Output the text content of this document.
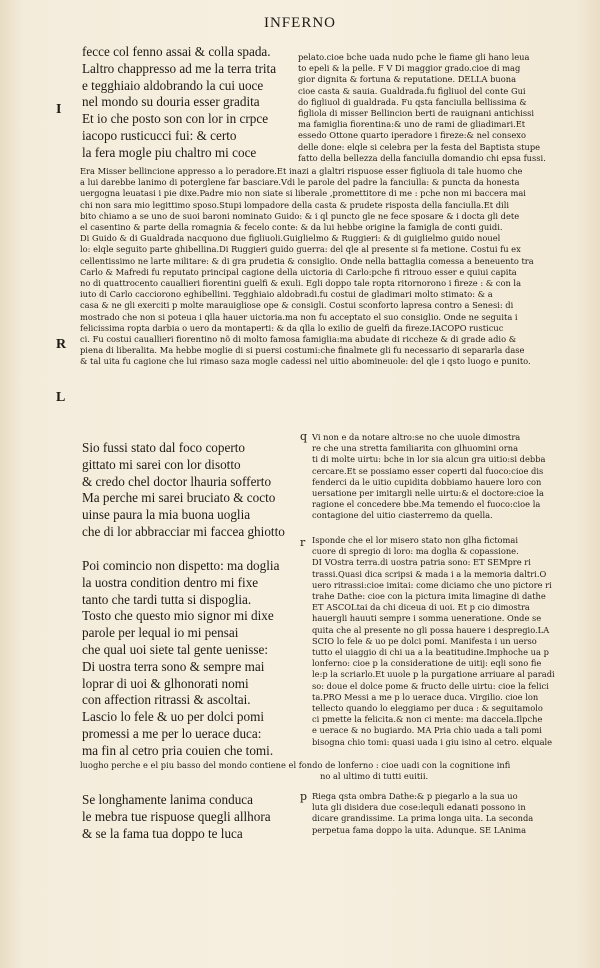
INFERNO
I
R
L
fecce col fenno assai & colla spada.
Laltro chappresso ad me la terra trita
e tegghiaio aldobrando la cui uoce
nel mondo su douria esser gradita
Et io che posto son con lor in crpce
iacopo rusticucci fui: & certo
la fera mogle piu chaltro mi coce
pelato.cioe bche uada nudo pche le fiame gli hano leua
to epeli & la pelle. F V Di maggior grado.cioe di mag
gior dignita & fortuna & reputatione. DELLA buona
cioe casta & sauia. Gualdrada.fu figliuol del conte Gui
do figliuol di gualdrada. Fu qsta fanciulla bellissima &
figliola di misser Bellincion berti de rauignani antichissi
ma famiglia fiorentina:& uno de rami de gliadimari.Et
essedo Ottone quarto iperadore i fireze:& nel consexo
delle done: elqle si celebra per la festa del Baptista stupe
fatto della bellezza della fanciulla domandio chi epsa fussi.
Era Misser bellincione appresso a lo peradore.Et inazi a glaltri rispuose esser figliuola di tale huomo che
a lui darebbe lanimo di poterglene far basciare.Vdi le parole del padre la fanciulla: & puncta da honesta
uergogna leuatasi i pie dixe.Padre mio non siate si liberale ,promettitore di me : pche non mi baccera mai
chi non sara mio legittimo sposo.Stupi lompadore della casta & prudete risposta della fanciulla.Et dili
bito chiamo a se uno de suoi baroni nominato Guido: & i ql puncto gle ne fece sposare & i docta gli dete
el casentino & parte della romagnia & fecelo conte: & da lui hebbe origine la famigla de conti guidi.
Di Guido & di Gualdrada nacquono due figliuoli.Guiglielmo & Ruggieri: & di guiglielmo guido nouel
lo: elqle seguito parte ghibellina.Di Ruggieri guido guerra: del qle al presente si fa metione. Costui fu ex
cellentissimo ne larte militare: & di gra prudetia & consiglio. Onde nella battaglia comessa a beneuento tra
Carlo & Mafredi fu reputato principal cagione della uictoria di Carlo:pche fi ritrouo esser e quiui capita
no di quattrocento cauallieri fiorentini guelfi & exuli. Egli doppo tale ropta ritornorono i fireze : & con la
iuto di Carlo cacciorono eghibellini. Tegghiaio aldobradi.fu costui de gladimari molto stimato: & a
casa & ne gli exerciti p molte marauigliose ope & consigli. Costui sconforto lapresa contro a Senesi: di
mostrado che non si poteua i qlla hauer uictoria.ma non fu acceptato el suo consiglio. Onde ne seguita i
felicissima ropta darbia o uero da montaperti: & da qlla lo exilio de guelfi da fireze.IACOPO rusticuc
ci. Fu costui cauallieri fiorentino nõ di molto famosa famiglia:ma abudate di riccheze & di grade adio &
piena di liberalita. Ma hebbe moglie di si puersi costumi:che finalmete gli fu necessario di separarla dase
& tal uita fu cagione che lui rimaso saza mogle cadessi nel uitio abomineuole: del qle i qsto luogo e punito.
Sio fussi stato dal foco coperto
gittato mi sarei con lor disotto
& credo chel doctor lhauria sofferto
Ma perche mi sarei bruciato & cocto
uinse paura la mia buona uoglia
che di lor abbracciar mi faccea ghiotto
q Vi non e da notare altro:se no che uuole dimostra
re che una stretta familiarita con glhuomini orna
ti di molte uirtu: bche in lor sia alcun gra uitio:si debba
cercare.Et se possiamo esser coperti dal fuoco:cioe dis
fenderci da le uitio cupidita dobbiamo hauere loro con
uersatione per imitargli nelle uirtu:& el doctore:cioe la
ragione el concedere bbe.Ma temendo el fuoco:cioe la
contagione del uitio ciasterremo da quella.
Poi comincio non dispetto: ma doglia
la uostra condition dentro mi fixe
tanto che tardi tutta si dispoglia.
Tosto che questo mio signor mi dixe
parole per lequal io mi pensai
che qual uoi siete tal gente uenisse:
Di uostra terra sono & sempre mai
loprar di uoi & glhonorati nomi
con affection ritrassi & ascoltai.
Lascio lo fele & uo per dolci pomi
promessi a me per lo uerace duca:
ma fin al cetro pria couien che tomi.
r Isponde che el lor misero stato non glha fictomai
cuore di spregio di loro: ma doglia & copassione.
DI VOstra terra.di uostra patria sono: ET SEMpre ri
trassi.Quasi dica scripsi & mada i a la memoria daltri.O
uero ritrassi:cioe imitai: come diciamo che uno pictore ri
trahe Dathe: cioe con la pictura imita limagine di dathe
ET ASCOLtai da chi diceua di uoi. Et p cio dimostra
hauergli hauuti sempre i somma ueneratione. Onde se
quita che al presente no gli possa hauere i despregio.LA
SCIO lo fele & uo pe dolci pomi. Manifesta i un uerso
tutto el uiaggio di chi ua a la beatitudine.Imphoche ua p
lonferno: cioe p la consideratione de uitij: eqli sono fie
le:p la scriarlo.Et uuole p la purgatione arriuare al paradi
so: doue el dolce pome & fructo delle uirtu: cioe la felici
ta.PRO Messi a me p lo uerace duca. Virgilio. cioe lon
tellecto quando lo eleggiamo per duca : & seguitamolo
ci pmette la felicita.& non ci mente: ma daccela.Ilpche
e uerace & no bugiardo. MA Pria chio uada a tali pomi
bisogna chio tomi: quasi uada i giu isino al cetro. elquale
luogho perche e el piu basso del mondo contiene el fondo de lonferno : cioe uadi con la cognitione infi
no al ultimo di tutti euitii.
Se longhamente lanima conduca
le mebra tue rispuose quegli allhora
& se la fama tua doppo te luca
p Riega qsta ombra Dathe:& p piegarlo a la sua uo
luta gli disidera due cose:lequli edanati possono in
dicare grandissime. La prima longa uita. La seconda
perpetua fama doppo la uita. Adunque. SE LAnima
